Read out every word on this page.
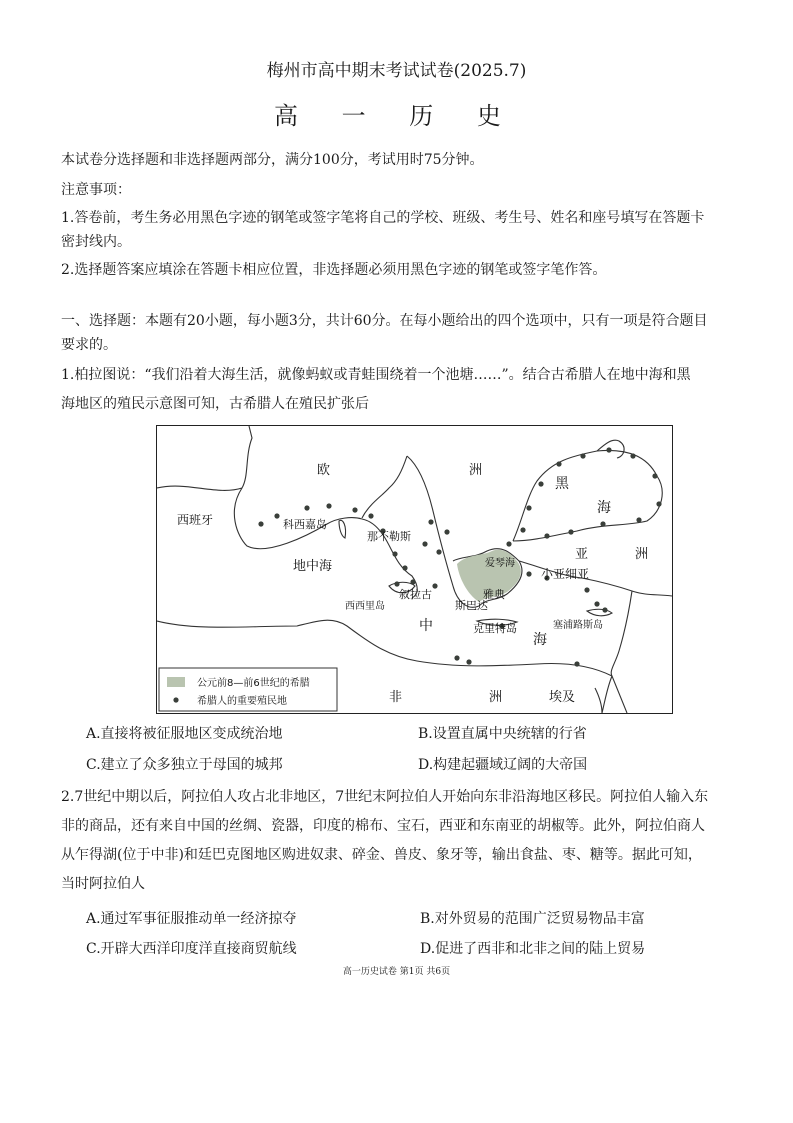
梅州市高中期末考试试卷(2025.7)
高 一 历 史
本试卷分选择题和非选择题两部分，满分100分，考试用时75分钟。
注意事项：
1.答卷前，考生务必用黑色字迹的钢笔或签字笔将自己的学校、班级、考生号、姓名和座号填写在答题卡
密封线内。
2.选择题答案应填涂在答题卡相应位置，非选择题必须用黑色字迹的钢笔或签字笔作答。
一、选择题：本题有20小题，每小题3分，共计60分。在每小题给出的四个选项中，只有一项是符合题目
要求的。
1.柏拉图说：“我们沿着大海生活，就像蚂蚁或青蛙围绕着一个池塘……”。结合古希腊人在地中海和黑
海地区的殖民示意图可知，古希腊人在殖民扩张后
欧	洲
西班牙	科西嘉岛
那不勒斯
地中海
叙拉古
西西里岛	斯巴达
雅典
爱琴海
克里特岛
黑
海
亚	洲
小亚细亚
中
海
塞浦路斯岛
非	洲	埃及
公元前8—前6世纪的希腊
希腊人的重要殖民地
A.直接将被征服地区变成统治地	B.设置直属中央统辖的行省
C.建立了众多独立于母国的城邦	D.构建起疆域辽阔的大帝国
2.7世纪中期以后，阿拉伯人攻占北非地区，7世纪末阿拉伯人开始向东非沿海地区移民。阿拉伯人输入东
非的商品，还有来自中国的丝绸、瓷器，印度的棉布、宝石，西亚和东南亚的胡椒等。此外，阿拉伯商人
从乍得湖(位于中非)和廷巴克图地区购进奴隶、碎金、兽皮、象牙等，输出食盐、枣、糖等。据此可知，
当时阿拉伯人
A.通过军事征服推动单一经济掠夺	B.对外贸易的范围广泛贸易物品丰富
C.开辟大西洋印度洋直接商贸航线	D.促进了西非和北非之间的陆上贸易
高一历史试卷 第1页 共6页
